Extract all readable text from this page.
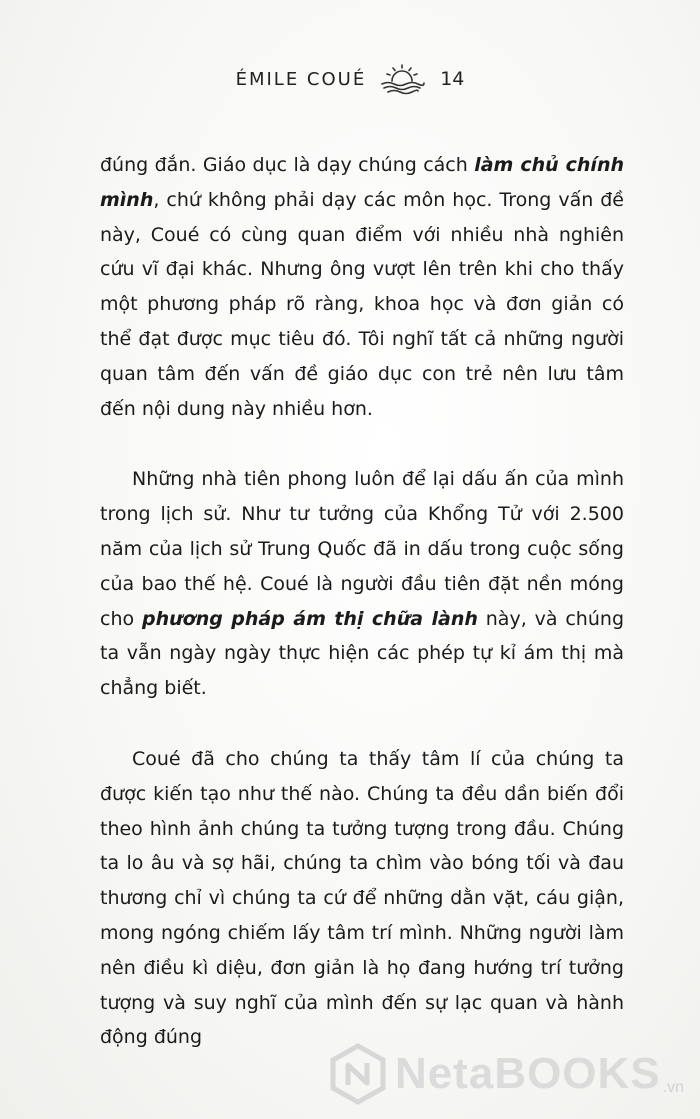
ÉMILE COUÉ	14

đúng đắn. Giáo dục là dạy chúng cách làm chủ chính mình, chứ không phải dạy các môn học. Trong vấn đề này, Coué có cùng quan điểm với nhiều nhà nghiên cứu vĩ đại khác. Nhưng ông vượt lên trên khi cho thấy một phương pháp rõ ràng, khoa học và đơn giản có thể đạt được mục tiêu đó. Tôi nghĩ tất cả những người quan tâm đến vấn đề giáo dục con trẻ nên lưu tâm đến nội dung này nhiều hơn.

Những nhà tiên phong luôn để lại dấu ấn của mình trong lịch sử. Như tư tưởng của Khổng Tử với 2.500 năm của lịch sử Trung Quốc đã in dấu trong cuộc sống của bao thế hệ. Coué là người đầu tiên đặt nền móng cho phương pháp ám thị chữa lành này, và chúng ta vẫn ngày ngày thực hiện các phép tự kỉ ám thị mà chẳng biết.

Coué đã cho chúng ta thấy tâm lí của chúng ta được kiến tạo như thế nào. Chúng ta đều dần biến đổi theo hình ảnh chúng ta tưởng tượng trong đầu. Chúng ta lo âu và sợ hãi, chúng ta chìm vào bóng tối và đau thương chỉ vì chúng ta cứ để những dằn vặt, cáu giận, mong ngóng chiếm lấy tâm trí mình. Những người làm nên điều kì diệu, đơn giản là họ đang hướng trí tưởng tượng và suy nghĩ của mình đến sự lạc quan và hành động đúng

NetaBOOKS .vn
